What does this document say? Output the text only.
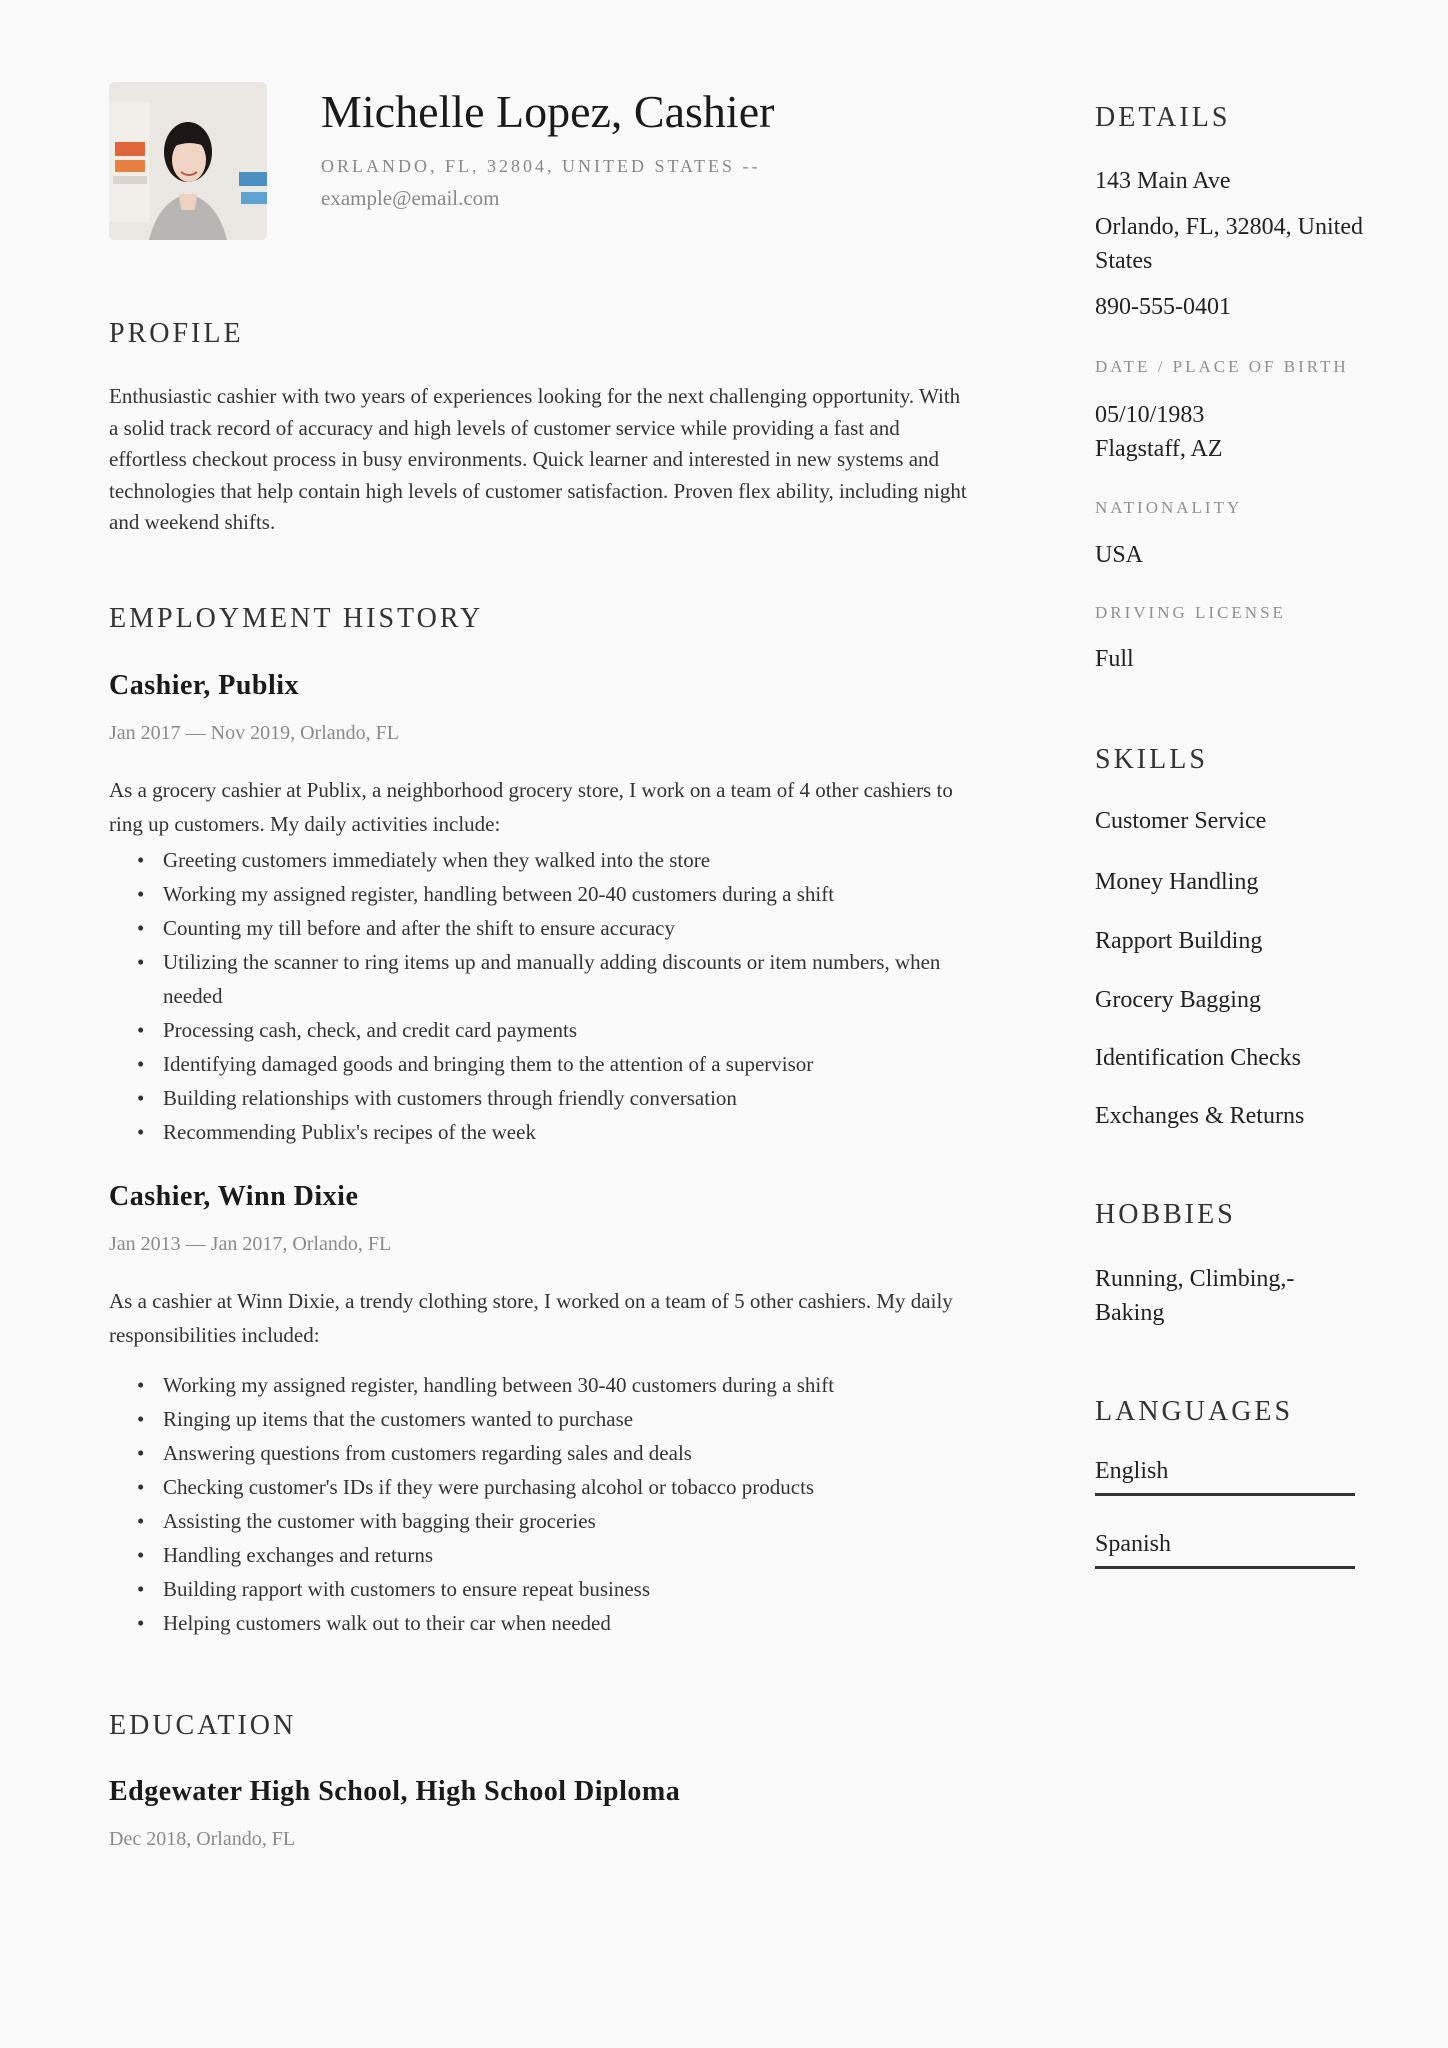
Michelle Lopez, Cashier
ORLANDO, FL, 32804, UNITED STATES --
example@email.com
PROFILE
Enthusiastic cashier with two years of experiences looking for the next challenging opportunity. With a solid track record of accuracy and high levels of customer service while providing a fast and effortless checkout process in busy environments. Quick learner and interested in new systems and technologies that help contain high levels of customer satisfaction. Proven flex ability, including night and weekend shifts.
EMPLOYMENT HISTORY
Cashier, Publix
Jan 2017 — Nov 2019, Orlando, FL
As a grocery cashier at Publix, a neighborhood grocery store, I work on a team of 4 other cashiers to ring up customers. My daily activities include:
• Greeting customers immediately when they walked into the store
• Working my assigned register, handling between 20-40 customers during a shift
• Counting my till before and after the shift to ensure accuracy
• Utilizing the scanner to ring items up and manually adding discounts or item numbers, when needed
• Processing cash, check, and credit card payments
• Identifying damaged goods and bringing them to the attention of a supervisor
• Building relationships with customers through friendly conversation
• Recommending Publix's recipes of the week
Cashier, Winn Dixie
Jan 2013 — Jan 2017, Orlando, FL
As a cashier at Winn Dixie, a trendy clothing store, I worked on a team of 5 other cashiers. My daily responsibilities included:
• Working my assigned register, handling between 30-40 customers during a shift
• Ringing up items that the customers wanted to purchase
• Answering questions from customers regarding sales and deals
• Checking customer's IDs if they were purchasing alcohol or tobacco products
• Assisting the customer with bagging their groceries
• Handling exchanges and returns
• Building rapport with customers to ensure repeat business
• Helping customers walk out to their car when needed
EDUCATION
Edgewater High School, High School Diploma
Dec 2018, Orlando, FL
DETAILS
143 Main Ave
Orlando, FL, 32804, United States
890-555-0401
DATE / PLACE OF BIRTH
05/10/1983
Flagstaff, AZ
NATIONALITY
USA
DRIVING LICENSE
Full
SKILLS
Customer Service
Money Handling
Rapport Building
Grocery Bagging
Identification Checks
Exchanges & Returns
HOBBIES
Running, Climbing,- Baking
LANGUAGES
English
Spanish
